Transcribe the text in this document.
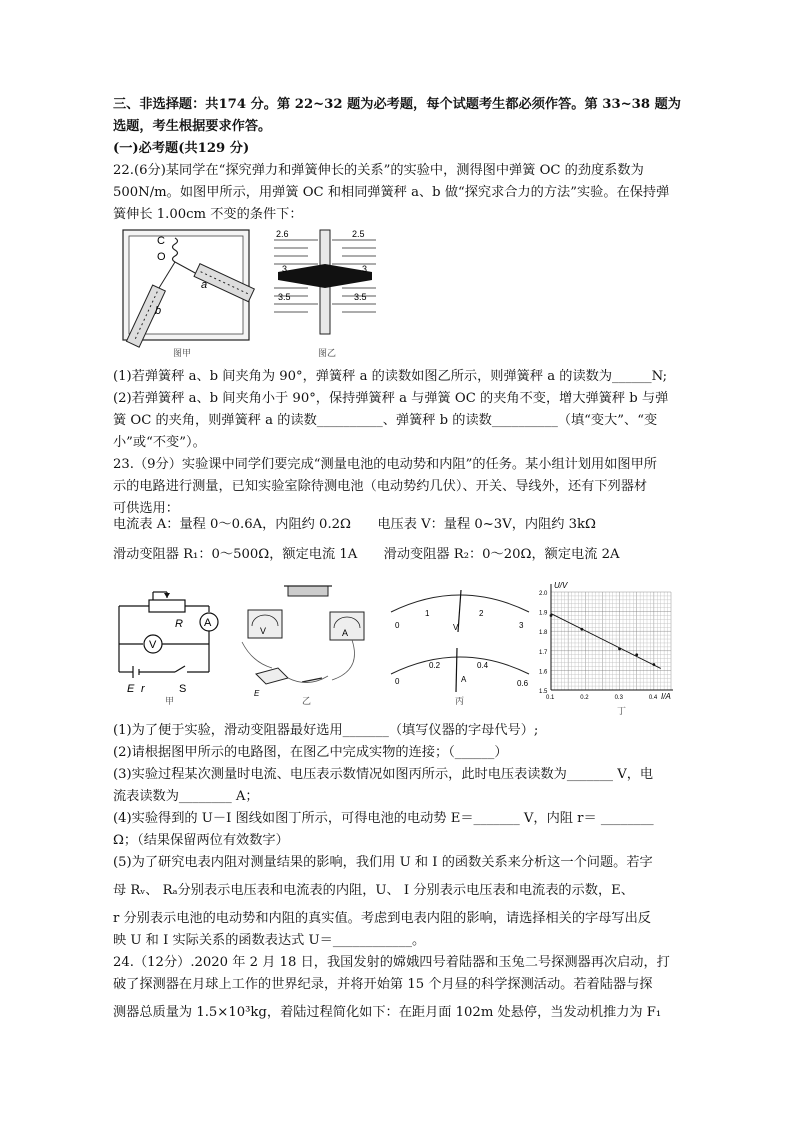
三、非选择题：共174 分。第 22~32 题为必考题，每个试题考生都必须作答。第 33~38 题为
选题，考生根据要求作答。
(一)必考题(共129 分)
22.(6分)某同学在“探究弹力和弹簧伸长的关系”的实验中，测得图中弹簧 OC 的劲度系数为
500N/m。如图甲所示，用弹簧 OC 和相同弹簧秤 a、b 做“探究求合力的方法”实验。在保持弹
簧伸长 1.00cm 不变的条件下：
C
O
a
b
图甲
2.6	2.5
3	3
3.5	3.5
图乙
(1)若弹簧秤 a、b 间夹角为 90°，弹簧秤 a 的读数如图乙所示，则弹簧秤 a 的读数为______N;
(2)若弹簧秤 a、b 间夹角小于 90°，保持弹簧秤 a 与弹簧 OC 的夹角不变，增大弹簧秤 b 与弹
簧 OC 的夹角，则弹簧秤 a 的读数__________、弹簧秤 b 的读数__________（填“变大”、“变
小”或“不变”）。
23.（9分）实验课中同学们要完成“测量电池的电动势和内阻”的任务。某小组计划用如图甲所
示的电路进行测量，已知实验室除待测电池（电动势约几伏）、开关、导线外，还有下列器材
可供选用：
电流表 A：量程 0～0.6A，内阻约 0.2Ω　　电压表 V：量程 0~3V，内阻约 3kΩ
滑动变阻器 R₁：0～500Ω，额定电流 1A　　滑动变阻器 R₂：0～20Ω，额定电流 2A
R A
V
E r	S
甲
V	A
E
乙
0
1	2
3
V
0
0.2	0.4
0.6
A
丙
1.5
1.6
1.7
1.8
1.9
2.0
0.1	0.2	0.3	0.4
U/V
I/A
丁
(1)为了便于实验，滑动变阻器最好选用_______（填写仪器的字母代号）;
(2)请根据图甲所示的电路图，在图乙中完成实物的连接；（______）
(3)实验过程某次测量时电流、电压表示数情况如图丙所示，此时电压表读数为_______ V，电
流表读数为________ A；
(4)实验得到的 U－I 图线如图丁所示，可得电池的电动势 E＝_______ V，内阻 r＝ ________
Ω；（结果保留两位有效数字）
(5)为了研究电表内阻对测量结果的影响，我们用 U 和 I 的函数关系来分析这一个问题。若字
母 Rᵥ、 Rₐ分别表示电压表和电流表的内阻，U、 I 分别表示电压表和电流表的示数，E、
r 分别表示电池的电动势和内阻的真实值。考虑到电表内阻的影响，请选择相关的字母写出反
映 U 和 I 实际关系的函数表达式 U＝____________。
24.（12分）.2020 年 2 月 18 日，我国发射的嫦娥四号着陆器和玉兔二号探测器再次启动，打
破了探测器在月球上工作的世界纪录，并将开始第 15 个月昼的科学探测活动。若着陆器与探
测器总质量为 1.5×10³kg，着陆过程简化如下：在距月面 102m 处悬停，当发动机推力为 F₁
